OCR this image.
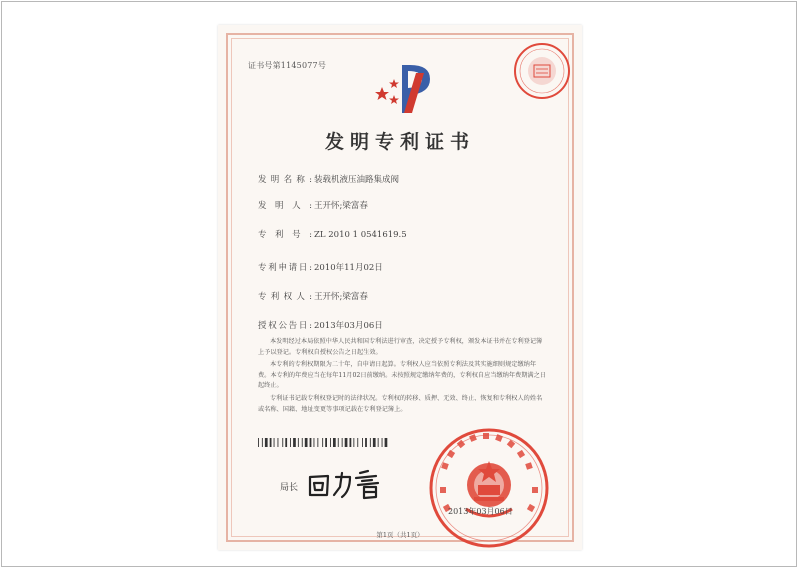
证书号第1145077号
发明专利证书
发明名称: 装载机液压油路集成阀
发明人: 王开怀;梁富春
专利号: ZL 2010 1 0541619.5
专利申请日: 2010年11月02日
专利权人: 王开怀;梁富春
授权公告日: 2013年03月06日

本发明经过本局依照中华人民共和国专利法进行审查，决定授予专利权，颁发本证书并在专利登记簿上予以登记。专利权自授权公告之日起生效。

本专利的专利权期限为二十年，自申请日起算。专利权人应当依照专利法及其实施细则规定缴纳年费。本专利的年费应当在每年11月02日前缴纳。未按照规定缴纳年费的，专利权自应当缴纳年费期满之日起终止。

专利证书记载专利权登记时的法律状况。专利权的转移、质押、无效、终止、恢复和专利权人的姓名或名称、国籍、地址变更等事项记载在专利登记簿上。

局长
2013年03月06日
第1页（共1页）
